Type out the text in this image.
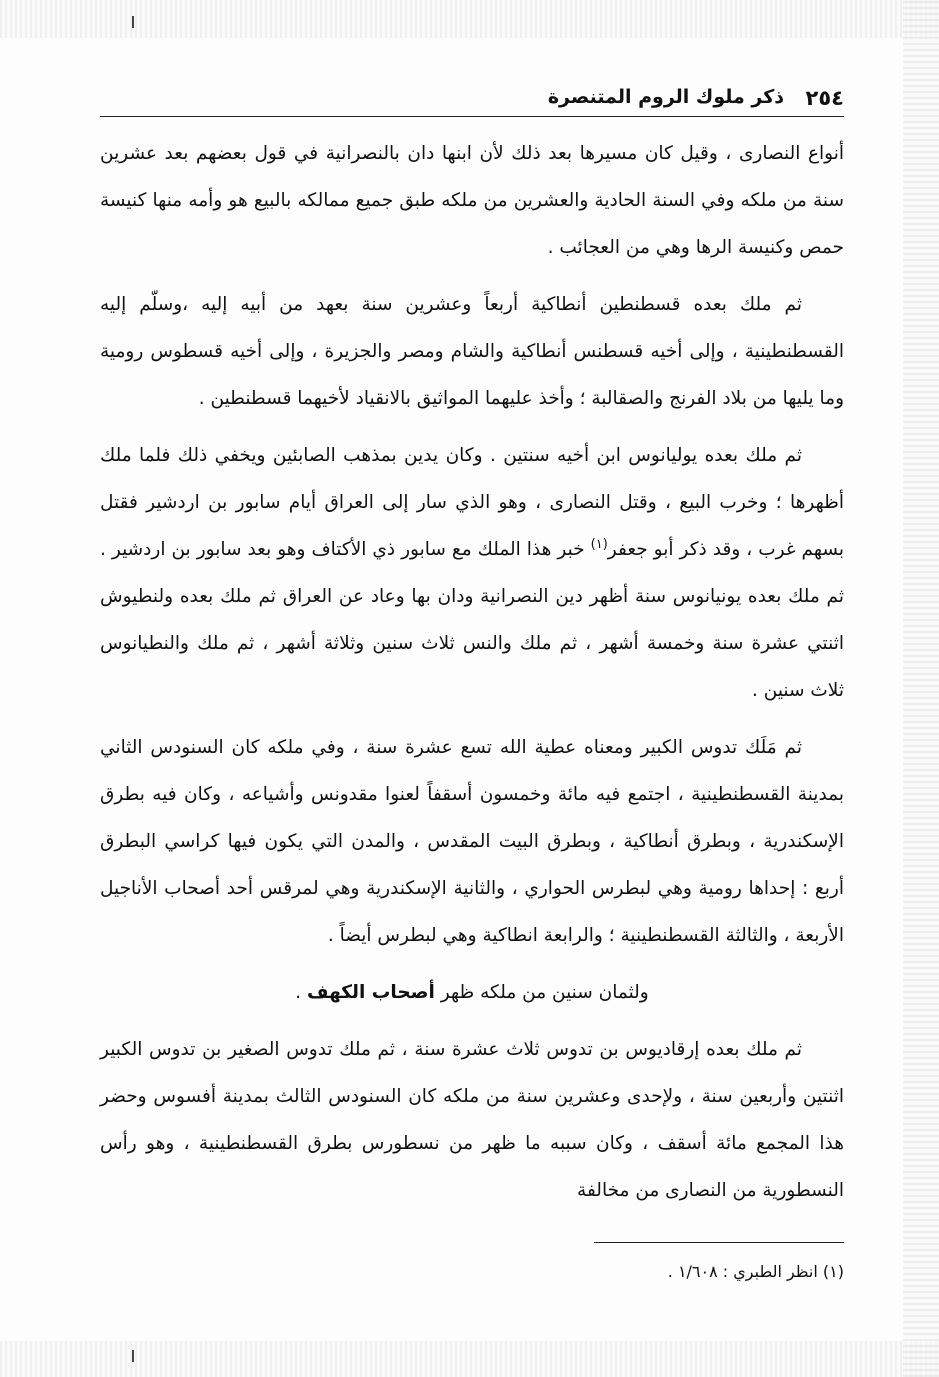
٢٥٤
ذكر ملوك الروم المتنصرة

أنواع النصارى ، وقيل كان مسيرها بعد ذلك لأن ابنها دان بالنصرانية في قول بعضهم بعد عشرين سنة من ملكه وفي السنة الحادية والعشرين من ملكه طبق جميع ممالكه بالبيع هو وأمه منها كنيسة حمص وكنيسة الرها وهي من العجائب .

ثم ملك بعده قسطنطين أنطاكية أربعاً وعشرين سنة بعهد من أبيه إليه ،وسلّم إليه القسطنطينية ، وإلى أخيه قسطنس أنطاكية والشام ومصر والجزيرة ، وإلى أخيه قسطوس رومية وما يليها من بلاد الفرنج والصقالبة ؛ وأخذ عليهما المواثيق بالانقياد لأخيهما قسطنطين .

ثم ملك بعده يوليانوس ابن أخيه سنتين . وكان يدين بمذهب الصابئين ويخفي ذلك فلما ملك أظهرها ؛ وخرب البيع ، وقتل النصارى ، وهو الذي سار إلى العراق أيام سابور بن اردشير فقتل بسهم غرب ، وقد ذكر أبو جعفر$^{(١)}$ خبر هذا الملك مع سابور ذي الأكتاف وهو بعد سابور بن اردشير . ثم ملك بعده يونيانوس سنة أظهر دين النصرانية ودان بها وعاد عن العراق ثم ملك بعده ولنطيوش اثنتي عشرة سنة وخمسة أشهر ، ثم ملك والنس ثلاث سنين وثلاثة أشهر ، ثم ملك والنطيانوس ثلاث سنين .

ثم مَلَك تدوس الكبير ومعناه عطية الله تسع عشرة سنة ، وفي ملكه كان السنودس الثاني بمدينة القسطنطينية ، اجتمع فيه مائة وخمسون أسقفاً لعنوا مقدونس وأشياعه ، وكان فيه بطرق الإسكندرية ، وبطرق أنطاكية ، وبطرق البيت المقدس ، والمدن التي يكون فيها كراسي البطرق أربع : إحداها رومية وهي لبطرس الحواري ، والثانية الإسكندرية وهي لمرقس أحد أصحاب الأناجيل الأربعة ، والثالثة القسطنطينية ؛ والرابعة انطاكية وهي لبطرس أيضاً .

ولثمان سنين من ملكه ظهر أصحاب الكهف .

ثم ملك بعده إرقاديوس بن تدوس ثلاث عشرة سنة ، ثم ملك تدوس الصغير بن تدوس الكبير اثنتين وأربعين سنة ، ولإحدى وعشرين سنة من ملكه كان السنودس الثالث بمدينة أفسوس وحضر هذا المجمع مائة أسقف ، وكان سببه ما ظهر من نسطورس بطرق القسطنطينية ، وهو رأس النسطورية من النصارى من مخالفة

(١) انظر الطبري : ١/٦٠٨ .
